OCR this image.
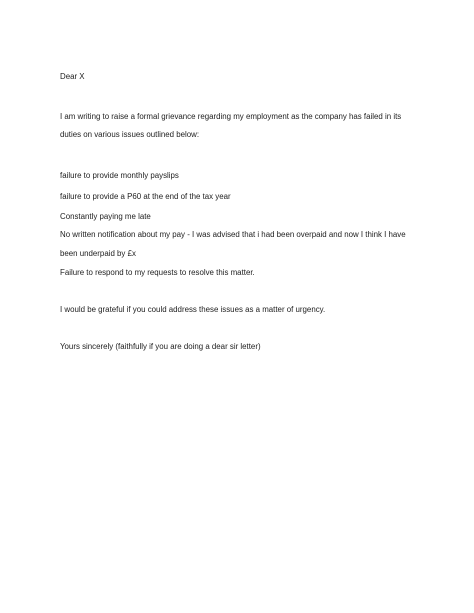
Dear X

I am writing to raise a formal grievance regarding my employment as the company has failed in its

duties on various issues outlined below:

failure to provide monthly payslips

failure to provide a P60 at the end of the tax year

Constantly paying me late

No written notification about my pay - I was advised that i had been overpaid and now I think I have

been underpaid by £x

Failure to respond to my requests to resolve this matter.

I would be grateful if you could address these issues as a matter of urgency.

Yours sincerely (faithfully if you are doing a dear sir letter)
